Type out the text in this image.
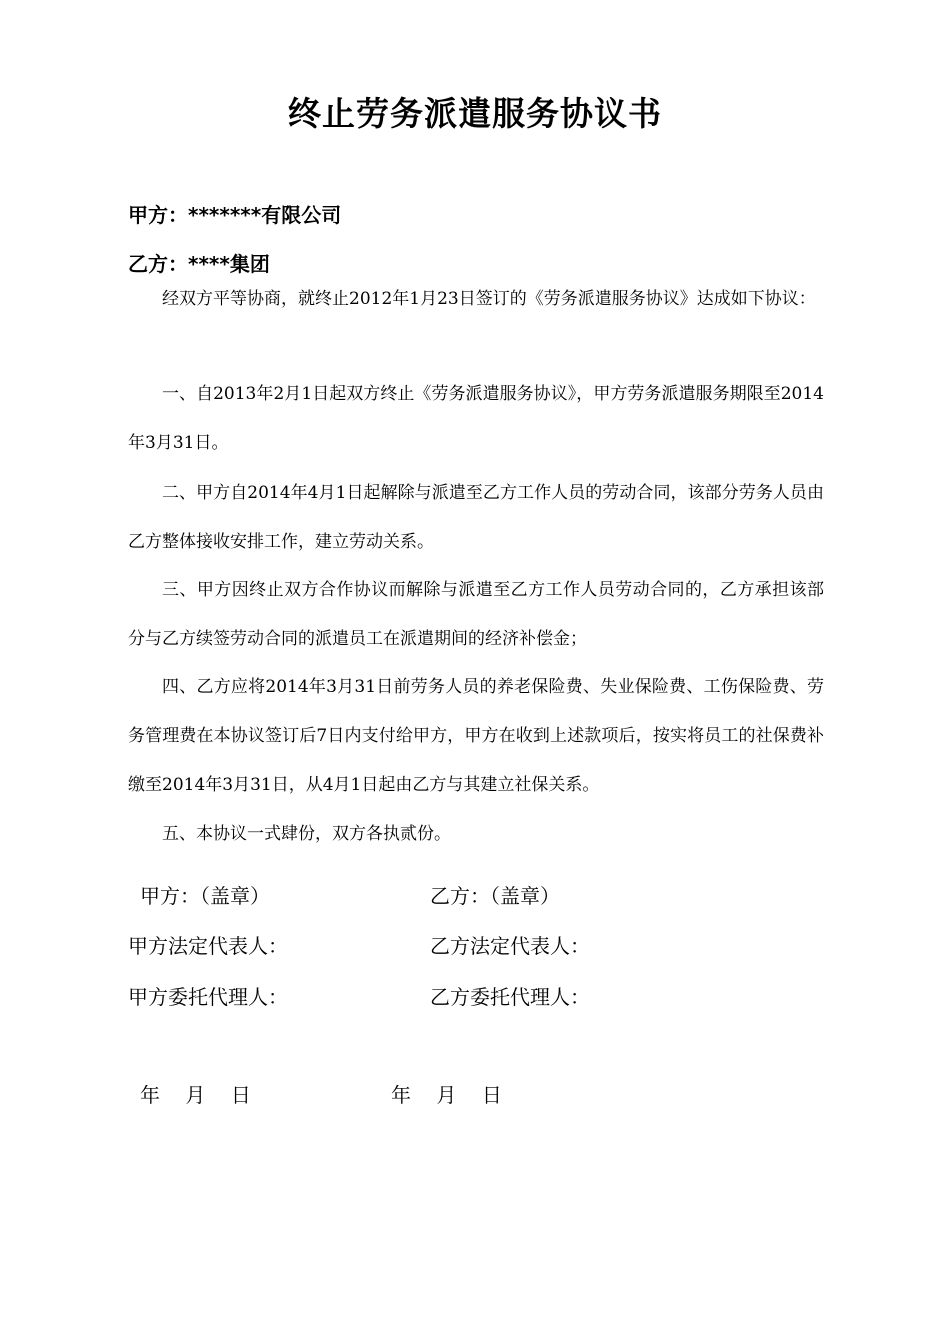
终止劳务派遣服务协议书
甲方：*******有限公司
乙方：****集团

经双方平等协商，就终止2012年1月23日签订的《劳务派遣服务协议》达成如下协议：

一、自2013年2月1日起双方终止《劳务派遣服务协议》，甲方劳务派遣服务期限至2014年3月31日。

二、甲方自2014年4月1日起解除与派遣至乙方工作人员的劳动合同，该部分劳务人员由乙方整体接收安排工作，建立劳动关系。

三、甲方因终止双方合作协议而解除与派遣至乙方工作人员劳动合同的，乙方承担该部分与乙方续签劳动合同的派遣员工在派遣期间的经济补偿金；

四、乙方应将2014年3月31日前劳务人员的养老保险费、失业保险费、工伤保险费、劳务管理费在本协议签订后7日内支付给甲方，甲方在收到上述款项后，按实将员工的社保费补缴至2014年3月31日，从4月1日起由乙方与其建立社保关系。

五、本协议一式肆份，双方各执贰份。

甲方：（盖章）	乙方：（盖章）
甲方法定代表人：	乙方法定代表人：
甲方委托代理人：	乙方委托代理人：
年    月    日	年    月    日
